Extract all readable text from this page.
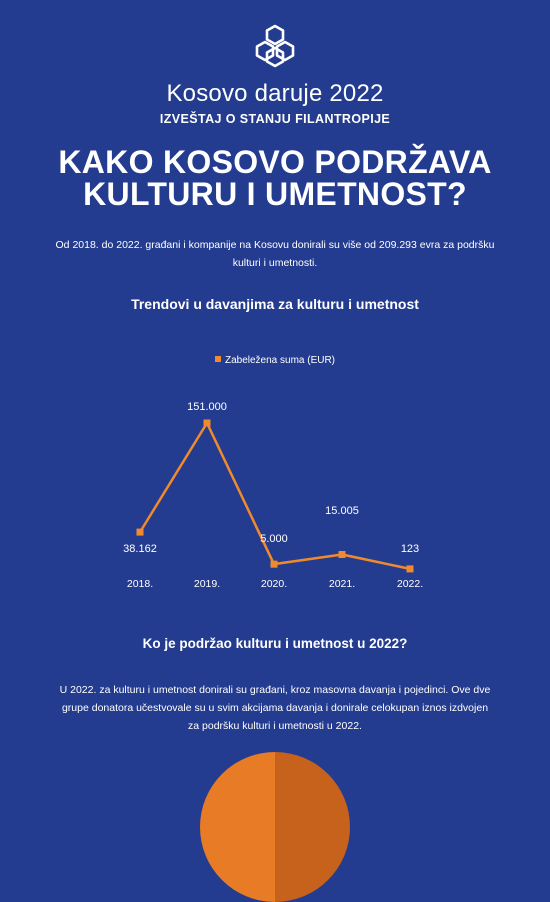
Kosovo daruje 2022
IZVEŠTAJ O STANJU FILANTROPIJE
KAKO KOSOVO PODRŽAVA
KULTURU I UMETNOST?
Od 2018. do 2022. građani i kompanije na Kosovu donirali su više od 209.293 evra za podršku
kulturi i umetnosti.
Trendovi u davanjima za kulturu i umetnost
Zabeležena suma (EUR)
38.162
151.000
5.000
15.005
123
2018.	2019.	2020.	2021.	2022.
Ko je podržao kulturu i umetnost u 2022?
U 2022. za kulturu i umetnost donirali su građani, kroz masovna davanja i pojedinci. Ove dve
grupe donatora učestvovale su u svim akcijama davanja i donirale celokupan iznos izdvojen
za podršku kulturi i umetnosti u 2022.
